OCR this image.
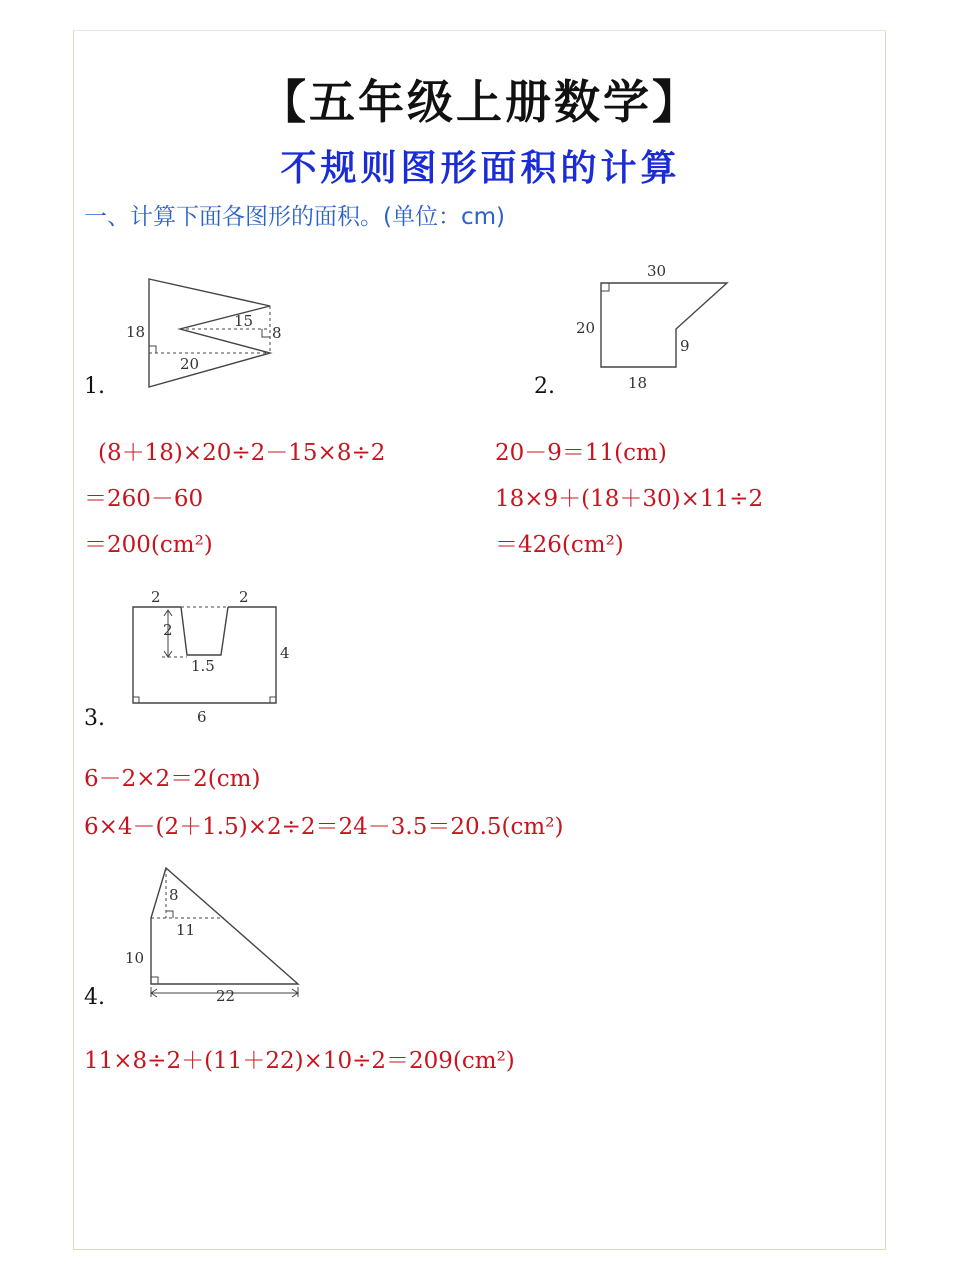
【五年级上册数学】
不规则图形面积的计算
一、计算下面各图形的面积。(单位：cm)
1.
18
15
8
20
2.
30
20
9
18
(8＋18)×20÷2－15×8÷2
＝260－60
＝200(cm²)
20－9＝11(cm)
18×9＋(18＋30)×11÷2
＝426(cm²)
3.
2	2
2
1.5
4
6
6－2×2＝2(cm)
6×4－(2＋1.5)×2÷2＝24－3.5＝20.5(cm²)
4.
8
11
10
22
11×8÷2＋(11＋22)×10÷2＝209(cm²)
